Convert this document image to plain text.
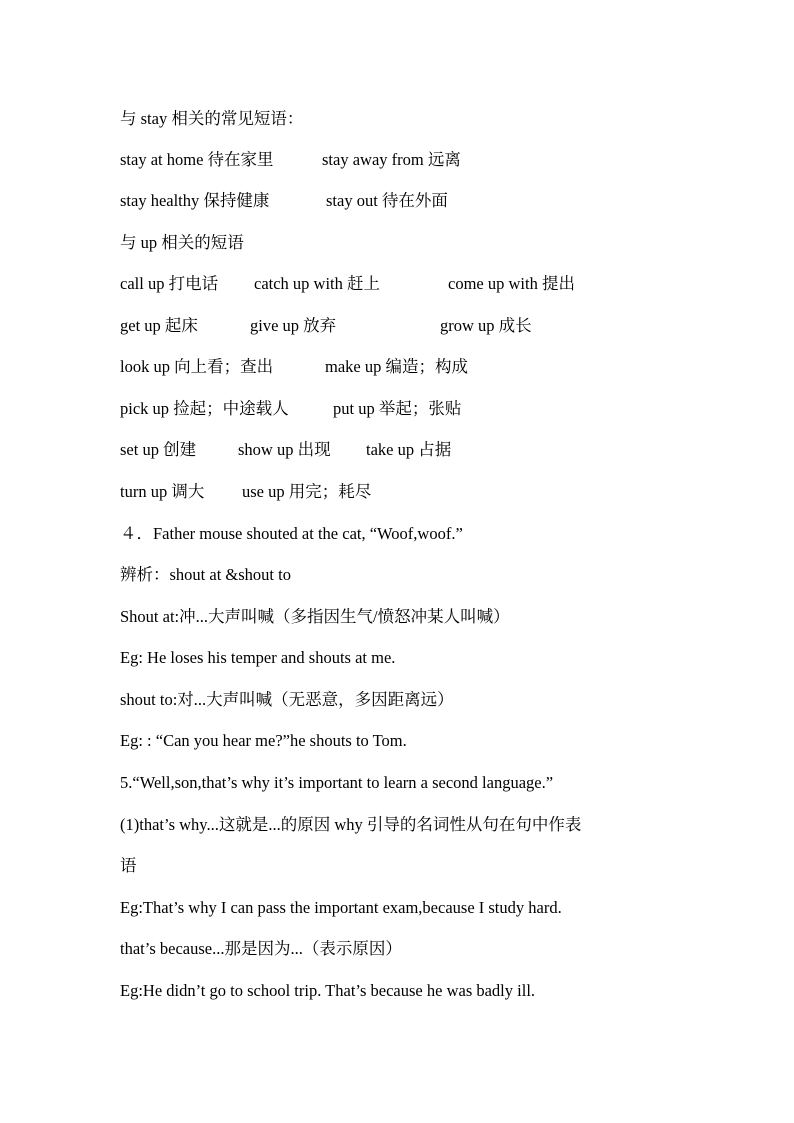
与 stay 相关的常见短语：
stay at home 待在家里	stay away from 远离
stay healthy 保持健康	stay out 待在外面
与 up 相关的短语
call up 打电话 catch up with 赶上	come up with 提出
get up 起床	give up 放弃	grow up 成长
look up 向上看；查出	make up 编造；构成
pick up 捡起；中途载人	put up 举起；张贴
set up 创建	show up 出现 take up 占据
turn up 调大 use up 用完；耗尽
４．Father mouse shouted at the cat, “Woof,woof.”
辨析：shout at &shout to
Shout at:冲...大声叫喊（多指因生气/愤怒冲某人叫喊）
Eg: He loses his temper and shouts at me.
shout to:对...大声叫喊（无恶意，多因距离远）
Eg: : “Can you hear me?”he shouts to Tom.
5.“Well,son,that’s why it’s important to learn a second language.”
(1)that’s why...这就是...的原因 why 引导的名词性从句在句中作表
语
Eg:That’s why I can pass the important exam,because I study hard.
that’s because...那是因为...（表示原因）
Eg:He didn’t go to school trip. That’s because he was badly ill.
